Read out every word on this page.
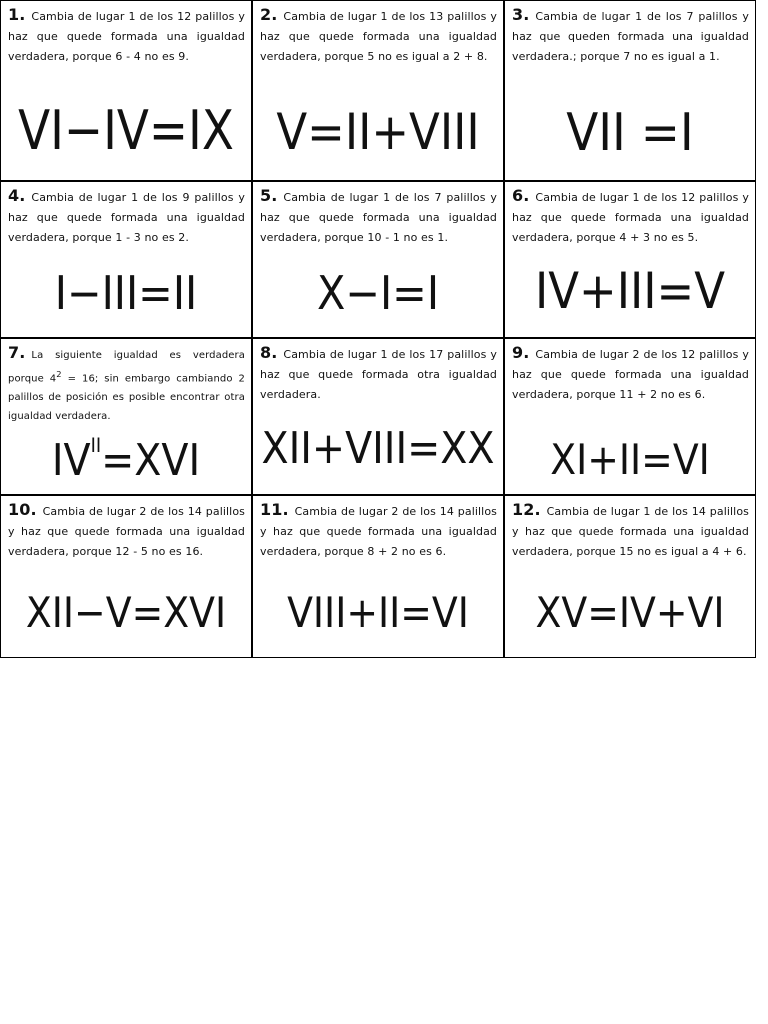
1. Cambia de lugar 1 de los 12 palillos y haz que quede formada una igualdad verdadera, porque 6 - 4 no es 9.
VI−IV=IX
2. Cambia de lugar 1 de los 13 palillos y haz que quede formada una igualdad verdadera, porque 5 no es igual a 2 + 8.
V=II+VIII
3. Cambia de lugar 1 de los 7 palillos y haz que queden formada una igualdad verdadera.; porque 7 no es igual a 1.
VII =I
4. Cambia de lugar 1 de los 9 palillos y haz que quede formada una igualdad verdadera, porque 1 - 3 no es 2.
I−III=II
5. Cambia de lugar 1 de los 7 palillos y haz que quede formada una igualdad verdadera, porque 10 - 1 no es 1.
X−I=I
6. Cambia de lugar 1 de los 12 palillos y haz que quede formada una igualdad verdadera, porque 4 + 3 no es 5.
IV+III=V
7. La siguiente igualdad es verdadera porque $4^2 = 16$; sin embargo cambiando 2 palillos de posición es posible encontrar otra igualdad verdadera.
$IV^{II}=XVI$
8. Cambia de lugar 1 de los 17 palillos y haz que quede formada otra igualdad verdadera.
XII+VIII=XX
9. Cambia de lugar 2 de los 12 palillos y haz que quede formada una igualdad verdadera, porque 11 + 2 no es 6.
XI+II=VI
10. Cambia de lugar 2 de los 14 palillos y haz que quede formada una igualdad verdadera, porque 12 - 5 no es 16.
XII−V=XVI
11. Cambia de lugar 2 de los 14 palillos y haz que quede formada una igualdad verdadera, porque 8 + 2 no es 6.
VIII+II=VI
12. Cambia de lugar 1 de los 14 palillos y haz que quede formada una igualdad verdadera, porque 15 no es igual a 4 + 6.
XV=IV+VI
